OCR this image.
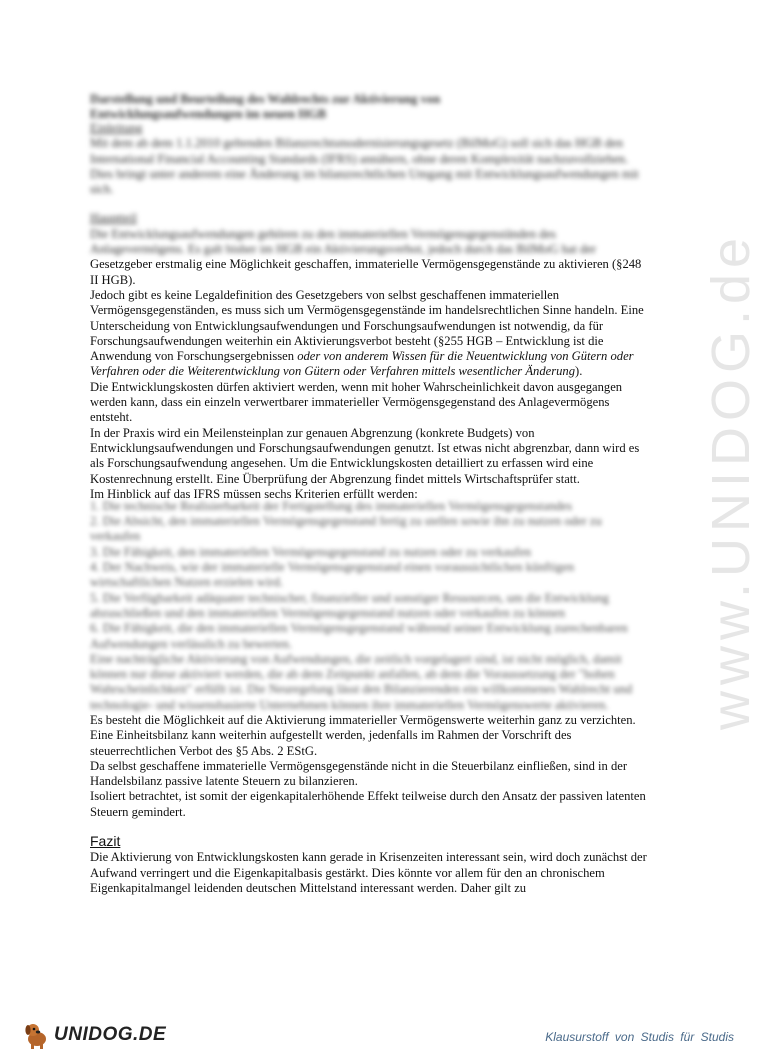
www.UNIDOG.de

Darstellung und Beurteilung des Wahlrechts zur Aktivierung von

Entwicklungsaufwendungen im neuen HGB

Einleitung

Mit dem ab dem 1.1.2010 geltenden Bilanzrechtsmodernisierungsgesetz (BilMoG) soll sich das HGB den International Financial Accounting Standards (IFRS) annähern, ohne deren Komplexität nachzuvollziehen. Dies bringt unter anderem eine Änderung im bilanzrechtlichen Umgang mit Entwicklungsaufwendungen mit sich.

Hauptteil

Die Entwicklungsaufwendungen gehören zu den immateriellen Vermögensgegenständen des Anlagevermögens. Es galt bisher im HGB ein Aktivierungsverbot, jedoch durch das BilMoG hat der

Gesetzgeber erstmalig eine Möglichkeit geschaffen, immaterielle Vermögensgegenstände zu aktivieren (§248 II HGB).

Jedoch gibt es keine Legaldefinition des Gesetzgebers von selbst geschaffenen immateriellen Vermögensgegenständen, es muss sich um Vermögensgegenstände im handelsrechtlichen Sinne handeln. Eine Unterscheidung von Entwicklungsaufwendungen und Forschungsaufwendungen ist notwendig, da für Forschungsaufwendungen weiterhin ein Aktivierungsverbot besteht (§255 HGB – Entwicklung ist die Anwendung von Forschungsergebnissen oder von anderem Wissen für die Neuentwicklung von Gütern oder Verfahren oder die Weiterentwicklung von Gütern oder Verfahren mittels wesentlicher Änderung).

Die Entwicklungskosten dürfen aktiviert werden, wenn mit hoher Wahrscheinlichkeit davon ausgegangen werden kann, dass ein einzeln verwertbarer immaterieller Vermögensgegenstand des Anlagevermögens entsteht.

In der Praxis wird ein Meilensteinplan zur genauen Abgrenzung (konkrete Budgets) von Entwicklungsaufwendungen und Forschungsaufwendungen genutzt. Ist etwas nicht abgrenzbar, dann wird es als Forschungsaufwendung angesehen. Um die Entwicklungskosten detailliert zu erfassen wird eine Kostenrechnung erstellt. Eine Überprüfung der Abgrenzung findet mittels Wirtschaftsprüfer statt.

Im Hinblick auf das IFRS müssen sechs Kriterien erfüllt werden:

1. Die technische Realisierbarkeit der Fertigstellung des immateriellen Vermögensgegenstandes

2. Die Absicht, den immateriellen Vermögensgegenstand fertig zu stellen sowie ihn zu nutzen oder zu verkaufen

3. Die Fähigkeit, den immateriellen Vermögensgegenstand zu nutzen oder zu verkaufen

4. Der Nachweis, wie der immaterielle Vermögensgegenstand einen voraussichtlichen künftigen wirtschaftlichen Nutzen erzielen wird.

5. Die Verfügbarkeit adäquater technischer, finanzieller und sonstiger Ressourcen, um die Entwicklung abzuschließen und den immateriellen Vermögensgegenstand nutzen oder verkaufen zu können

6. Die Fähigkeit, die den immateriellen Vermögensgegenstand während seiner Entwicklung zurechenbaren Aufwendungen verlässlich zu bewerten.

Eine nachträgliche Aktivierung von Aufwendungen, die zeitlich vorgelagert sind, ist nicht möglich, damit können nur diese aktiviert werden, die ab dem Zeitpunkt anfallen, ab dem die Voraussetzung der "hohen Wahrscheinlichkeit" erfüllt ist. Die Neuregelung lässt den Bilanzierenden ein willkommenes Wahlrecht und technologie- und wissensbasierte Unternehmen können ihre immateriellen Vermögenswerte aktivieren.

Es besteht die Möglichkeit auf die Aktivierung immaterieller Vermögenswerte weiterhin ganz zu verzichten. Eine Einheitsbilanz kann weiterhin aufgestellt werden, jedenfalls im Rahmen der Vorschrift des steuerrechtlichen Verbot des §5 Abs. 2 EStG.

Da selbst geschaffene immaterielle Vermögensgegenstände nicht in die Steuerbilanz einfließen, sind in der Handelsbilanz passive latente Steuern zu bilanzieren.

Isoliert betrachtet, ist somit der eigenkapitalerhöhende Effekt teilweise durch den Ansatz der passiven latenten Steuern gemindert.

Fazit

Die Aktivierung von Entwicklungskosten kann gerade in Krisenzeiten interessant sein, wird doch zunächst der Aufwand verringert und die Eigenkapitalbasis gestärkt. Dies könnte vor allem für den an chronischem Eigenkapitalmangel leidenden deutschen Mittelstand interessant werden. Daher gilt zu

UNIDOG.DE	Klausurstoff von Studis für Studis
